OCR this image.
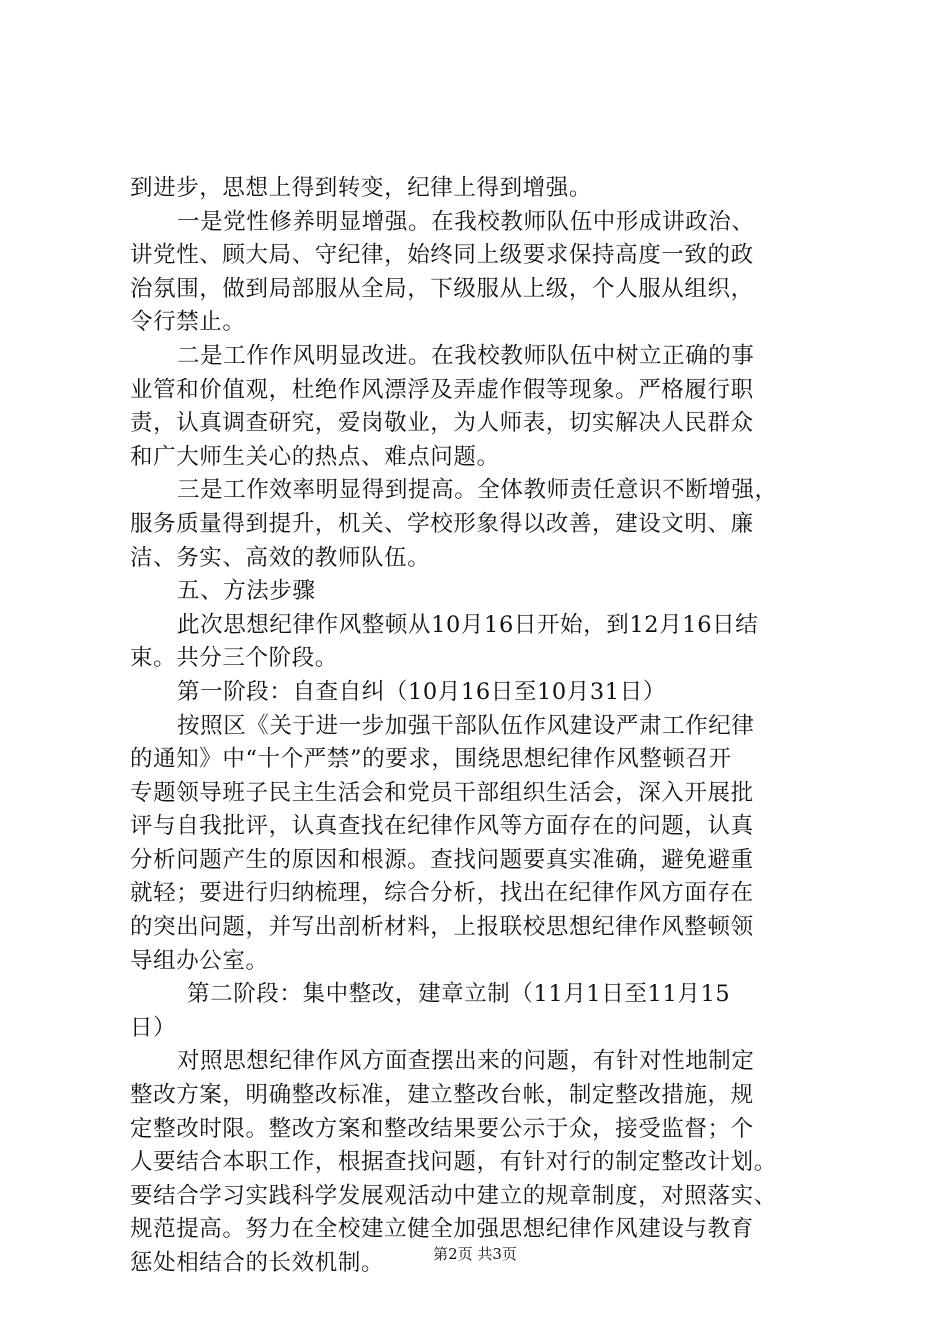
到进步，思想上得到转变，纪律上得到增强。
一是党性修养明显增强。在我校教师队伍中形成讲政治、
讲党性、顾大局、守纪律，始终同上级要求保持高度一致的政
治氛围，做到局部服从全局，下级服从上级，个人服从组织，
令行禁止。
二是工作作风明显改进。在我校教师队伍中树立正确的事
业管和价值观，杜绝作风漂浮及弄虚作假等现象。严格履行职
责，认真调查研究，爱岗敬业，为人师表，切实解决人民群众
和广大师生关心的热点、难点问题。
三是工作效率明显得到提高。全体教师责任意识不断增强，
服务质量得到提升，机关、学校形象得以改善，建设文明、廉
洁、务实、高效的教师队伍。
五、方法步骤
此次思想纪律作风整顿从10月16日开始，到12月16日结
束。共分三个阶段。
第一阶段：自查自纠（10月16日至10月31日）
按照区《关于进一步加强干部队伍作风建设严肃工作纪律
的通知》中“十个严禁”的要求，围绕思想纪律作风整顿召开
专题领导班子民主生活会和党员干部组织生活会，深入开展批
评与自我批评，认真查找在纪律作风等方面存在的问题，认真
分析问题产生的原因和根源。查找问题要真实准确，避免避重
就轻；要进行归纳梳理，综合分析，找出在纪律作风方面存在
的突出问题，并写出剖析材料，上报联校思想纪律作风整顿领
导组办公室。
第二阶段：集中整改，建章立制（11月1日至11月15
日）
对照思想纪律作风方面查摆出来的问题，有针对性地制定
整改方案，明确整改标准，建立整改台帐，制定整改措施，规
定整改时限。整改方案和整改结果要公示于众，接受监督；个
人要结合本职工作，根据查找问题，有针对行的制定整改计划。
要结合学习实践科学发展观活动中建立的规章制度，对照落实、
规范提高。努力在全校建立健全加强思想纪律作风建设与教育
惩处相结合的长效机制。	第2页 共3页
